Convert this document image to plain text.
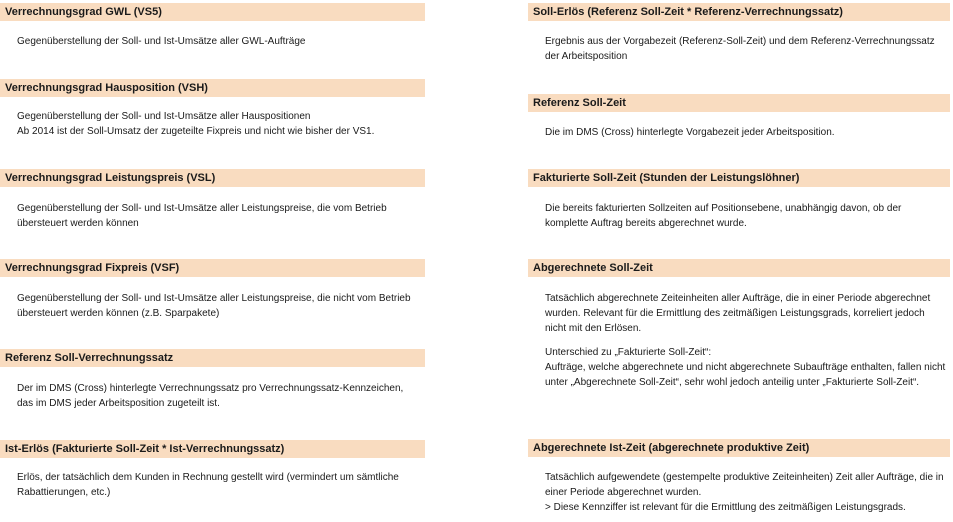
Verrechnungsgrad GWL (VS5)

Gegenüberstellung der Soll- und Ist-Umsätze aller GWL-Aufträge

Verrechnungsgrad Hausposition (VSH)

Gegenüberstellung der Soll- und Ist-Umsätze aller Hauspositionen

Ab 2014 ist der Soll-Umsatz der zugeteilte Fixpreis und nicht wie bisher der VS1.

Verrechnungsgrad Leistungspreis (VSL)

Gegenüberstellung der Soll- und Ist-Umsätze aller Leistungspreise, die vom Betrieb übersteuert werden können

Verrechnungsgrad Fixpreis (VSF)

Gegenüberstellung der Soll- und Ist-Umsätze aller Leistungspreise, die nicht vom Betrieb übersteuert werden können (z.B. Sparpakete)

Referenz Soll-Verrechnungssatz

Der im DMS (Cross) hinterlegte Verrechnungssatz pro Verrechnungssatz-Kennzeichen, das im DMS jeder Arbeitsposition zugeteilt ist.

Ist-Erlös (Fakturierte Soll-Zeit * Ist-Verrechnungssatz)

Erlös, der tatsächlich dem Kunden in Rechnung gestellt wird (vermindert um sämtliche Rabattierungen, etc.)

Soll-Erlös (Referenz Soll-Zeit * Referenz-Verrechnungssatz)

Ergebnis aus der Vorgabezeit (Referenz-Soll-Zeit) und dem Referenz-Verrechnungssatz der Arbeitsposition

Referenz Soll-Zeit

Die im DMS (Cross) hinterlegte Vorgabezeit jeder Arbeitsposition.

Fakturierte Soll-Zeit (Stunden der Leistungslöhner)

Die bereits fakturierten Sollzeiten auf Positionsebene, unabhängig davon, ob der komplette Auftrag bereits abgerechnet wurde.

Abgerechnete Soll-Zeit

Tatsächlich abgerechnete Zeiteinheiten aller Aufträge, die in einer Periode abgerechnet wurden. Relevant für die Ermittlung des zeitmäßigen Leistungsgrads, korreliert jedoch nicht mit den Erlösen.

Unterschied zu „Fakturierte Soll-Zeit“:

Aufträge, welche abgerechnete und nicht abgerechnete Subaufträge enthalten, fallen nicht unter „Abgerechnete Soll-Zeit“, sehr wohl jedoch anteilig unter „Fakturierte Soll-Zeit“.

Abgerechnete Ist-Zeit (abgerechnete produktive Zeit)

Tatsächlich aufgewendete (gestempelte produktive Zeiteinheiten) Zeit aller Aufträge, die in einer Periode abgerechnet wurden.

> Diese Kennziffer ist relevant für die Ermittlung des zeitmäßigen Leistungsgrads.
